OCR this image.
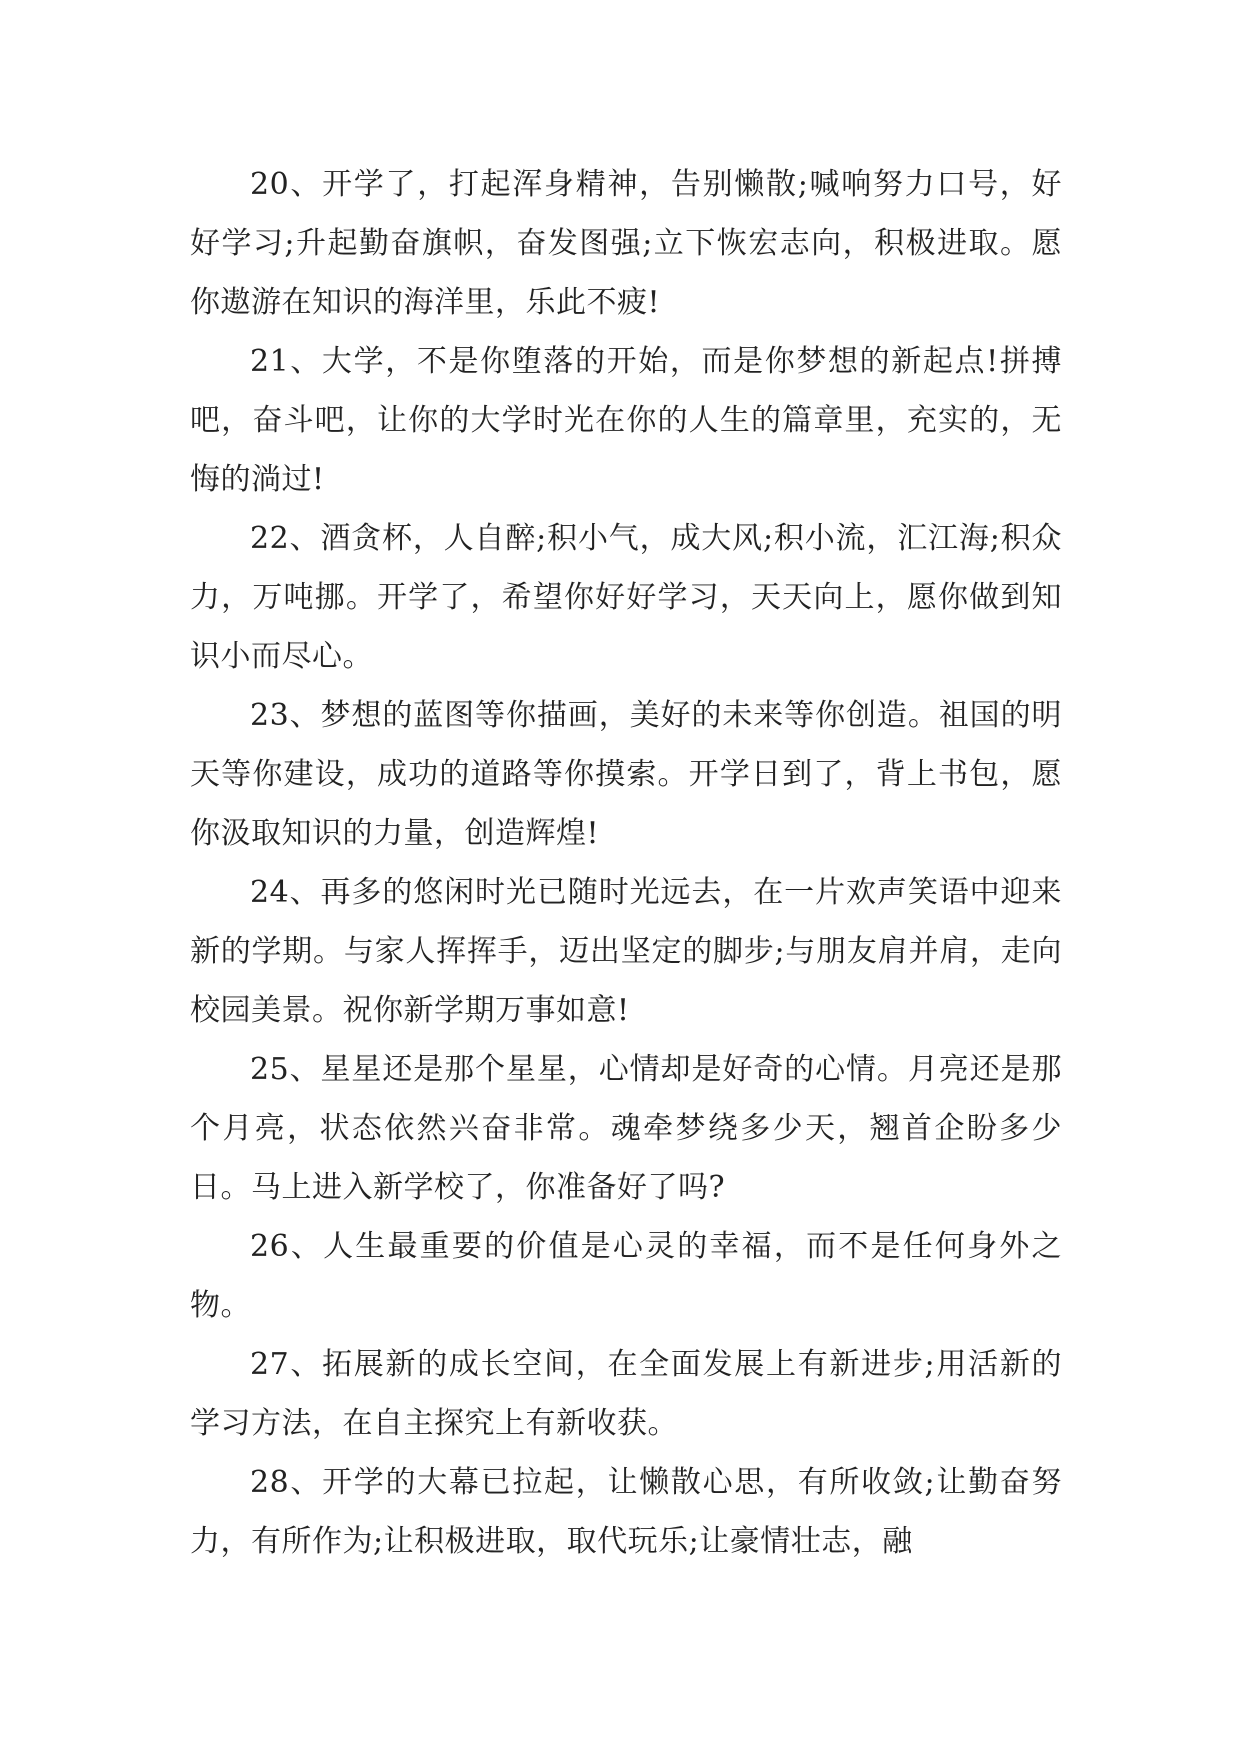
20、开学了，打起浑身精神，告别懒散;喊响努力口号，好好学习;升起勤奋旗帜，奋发图强;立下恢宏志向，积极进取。愿你遨游在知识的海洋里，乐此不疲!

21、大学，不是你堕落的开始，而是你梦想的新起点!拼搏吧，奋斗吧，让你的大学时光在你的人生的篇章里，充实的，无悔的淌过!

22、酒贪杯，人自醉;积小气，成大风;积小流，汇江海;积众力，万吨挪。开学了，希望你好好学习，天天向上，愿你做到知识小而尽心。

23、梦想的蓝图等你描画，美好的未来等你创造。祖国的明天等你建设，成功的道路等你摸索。开学日到了，背上书包，愿你汲取知识的力量，创造辉煌!

24、再多的悠闲时光已随时光远去，在一片欢声笑语中迎来新的学期。与家人挥挥手，迈出坚定的脚步;与朋友肩并肩，走向校园美景。祝你新学期万事如意!

25、星星还是那个星星，心情却是好奇的心情。月亮还是那个月亮，状态依然兴奋非常。魂牵梦绕多少天，翘首企盼多少日。马上进入新学校了，你准备好了吗?

26、人生最重要的价值是心灵的幸福，而不是任何身外之物。

27、拓展新的成长空间，在全面发展上有新进步;用活新的学习方法，在自主探究上有新收获。

28、开学的大幕已拉起，让懒散心思，有所收敛;让勤奋努力，有所作为;让积极进取，取代玩乐;让豪情壮志，融
